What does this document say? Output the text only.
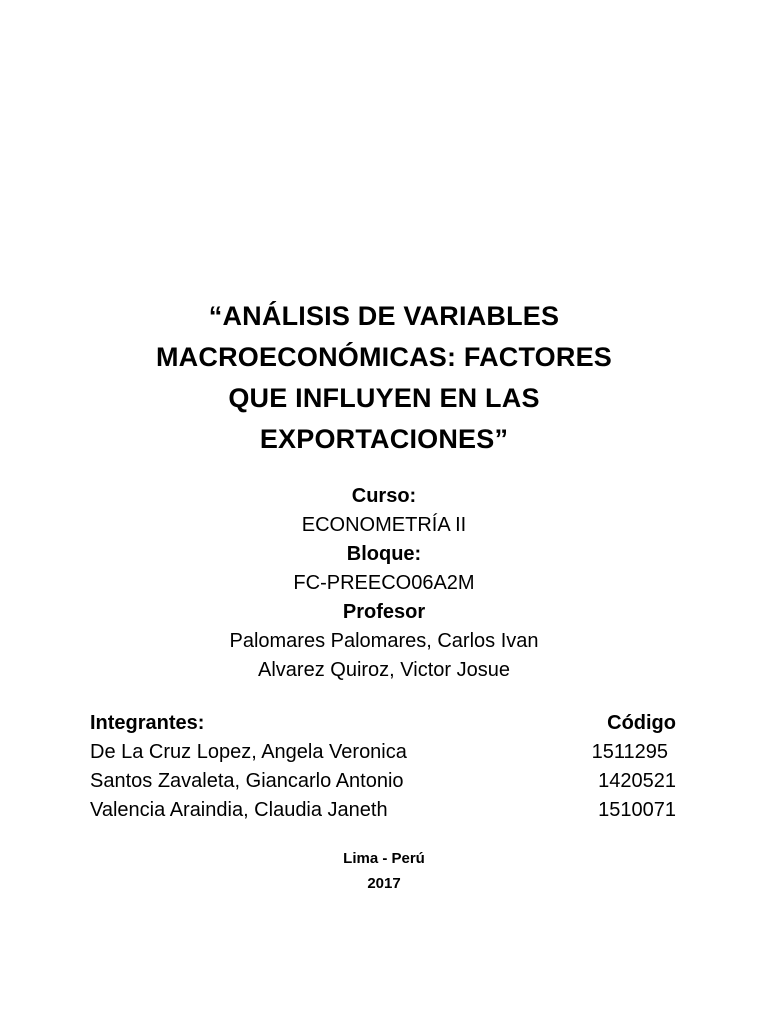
“ANÁLISIS DE VARIABLES
MACROECONÓMICAS: FACTORES
QUE INFLUYEN EN LAS
EXPORTACIONES”
Curso:
ECONOMETRÍA II
Bloque:
FC-PREECO06A2M
Profesor
Palomares Palomares, Carlos Ivan
Alvarez Quiroz, Victor Josue
Integrantes:	Código
De La Cruz Lopez, Angela Veronica	1511295
Santos Zavaleta, Giancarlo Antonio	1420521
Valencia Araindia, Claudia Janeth	1510071
Lima - Perú
2017
